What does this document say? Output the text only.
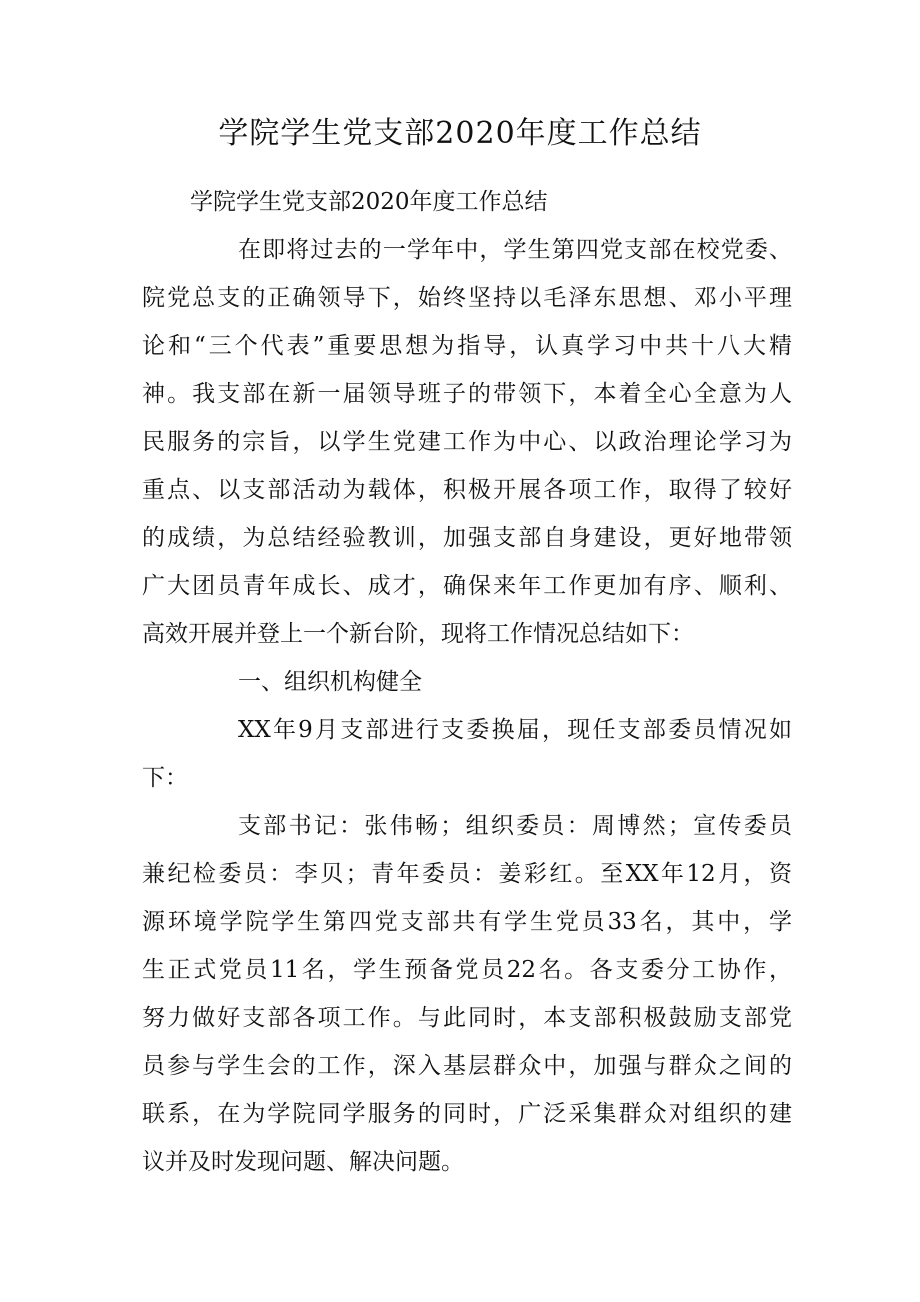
学院学生党支部2020年度工作总结

学院学生党支部2020年度工作总结

在即将过去的一学年中，学生第四党支部在校党委、

院党总支的正确领导下，始终坚持以毛泽东思想、邓小平理

论和“三个代表”重要思想为指导，认真学习中共十八大精

神。我支部在新一届领导班子的带领下，本着全心全意为人

民服务的宗旨，以学生党建工作为中心、以政治理论学习为

重点、以支部活动为载体，积极开展各项工作，取得了较好

的成绩，为总结经验教训，加强支部自身建设，更好地带领

广大团员青年成长、成才，确保来年工作更加有序、顺利、

高效开展并登上一个新台阶，现将工作情况总结如下：

一、组织机构健全

XX年9月支部进行支委换届，现任支部委员情况如

下：

支部书记：张伟畅；组织委员：周博然；宣传委员

兼纪检委员：李贝；青年委员：姜彩红。至XX年12月，资

源环境学院学生第四党支部共有学生党员33名，其中，学

生正式党员11名，学生预备党员22名。各支委分工协作，

努力做好支部各项工作。与此同时，本支部积极鼓励支部党

员参与学生会的工作，深入基层群众中，加强与群众之间的

联系，在为学院同学服务的同时，广泛采集群众对组织的建

议并及时发现问题、解决问题。
